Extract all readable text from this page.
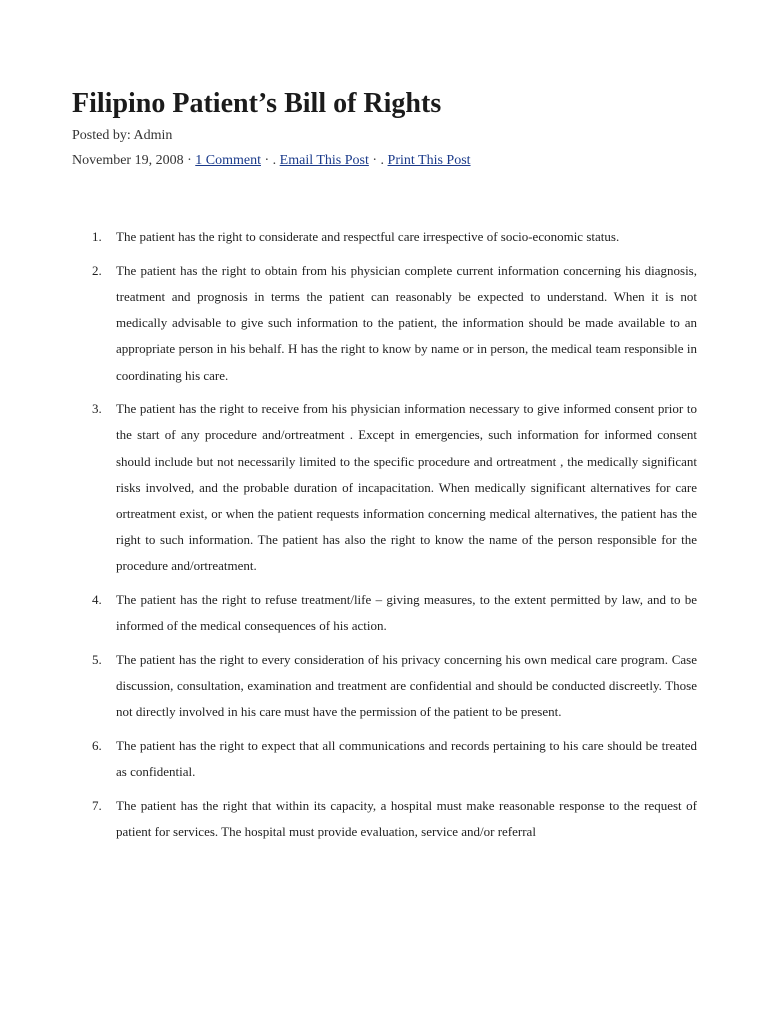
Filipino Patient’s Bill of Rights
Posted by: Admin
November 19, 2008 · 1 Comment · . Email This Post · . Print This Post
1. The patient has the right to considerate and respectful care irrespective of socio-economic status.
2. The patient has the right to obtain from his physician complete current information concerning his diagnosis, treatment and prognosis in terms the patient can reasonably be expected to understand. When it is not medically advisable to give such information to the patient, the information should be made available to an appropriate person in his behalf. H has the right to know by name or in person, the medical team responsible in coordinating his care.
3. The patient has the right to receive from his physician information necessary to give informed consent prior to the start of any procedure and/ortreatment . Except in emergencies, such information for informed consent should include but not necessarily limited to the specific procedure and ortreatment , the medically significant risks involved, and the probable duration of incapacitation. When medically significant alternatives for care ortreatment exist, or when the patient requests information concerning medical alternatives, the patient has the right to such information. The patient has also the right to know the name of the person responsible for the procedure and/ortreatment.
4. The patient has the right to refuse treatment/life – giving measures, to the extent permitted by law, and to be informed of the medical consequences of his action.
5. The patient has the right to every consideration of his privacy concerning his own medical care program. Case discussion, consultation, examination and treatment are confidential and should be conducted discreetly. Those not directly involved in his care must have the permission of the patient to be present.
6. The patient has the right to expect that all communications and records pertaining to his care should be treated as confidential.
7. The patient has the right that within its capacity, a hospital must make reasonable response to the request of patient for services. The hospital must provide evaluation, service and/or referral
